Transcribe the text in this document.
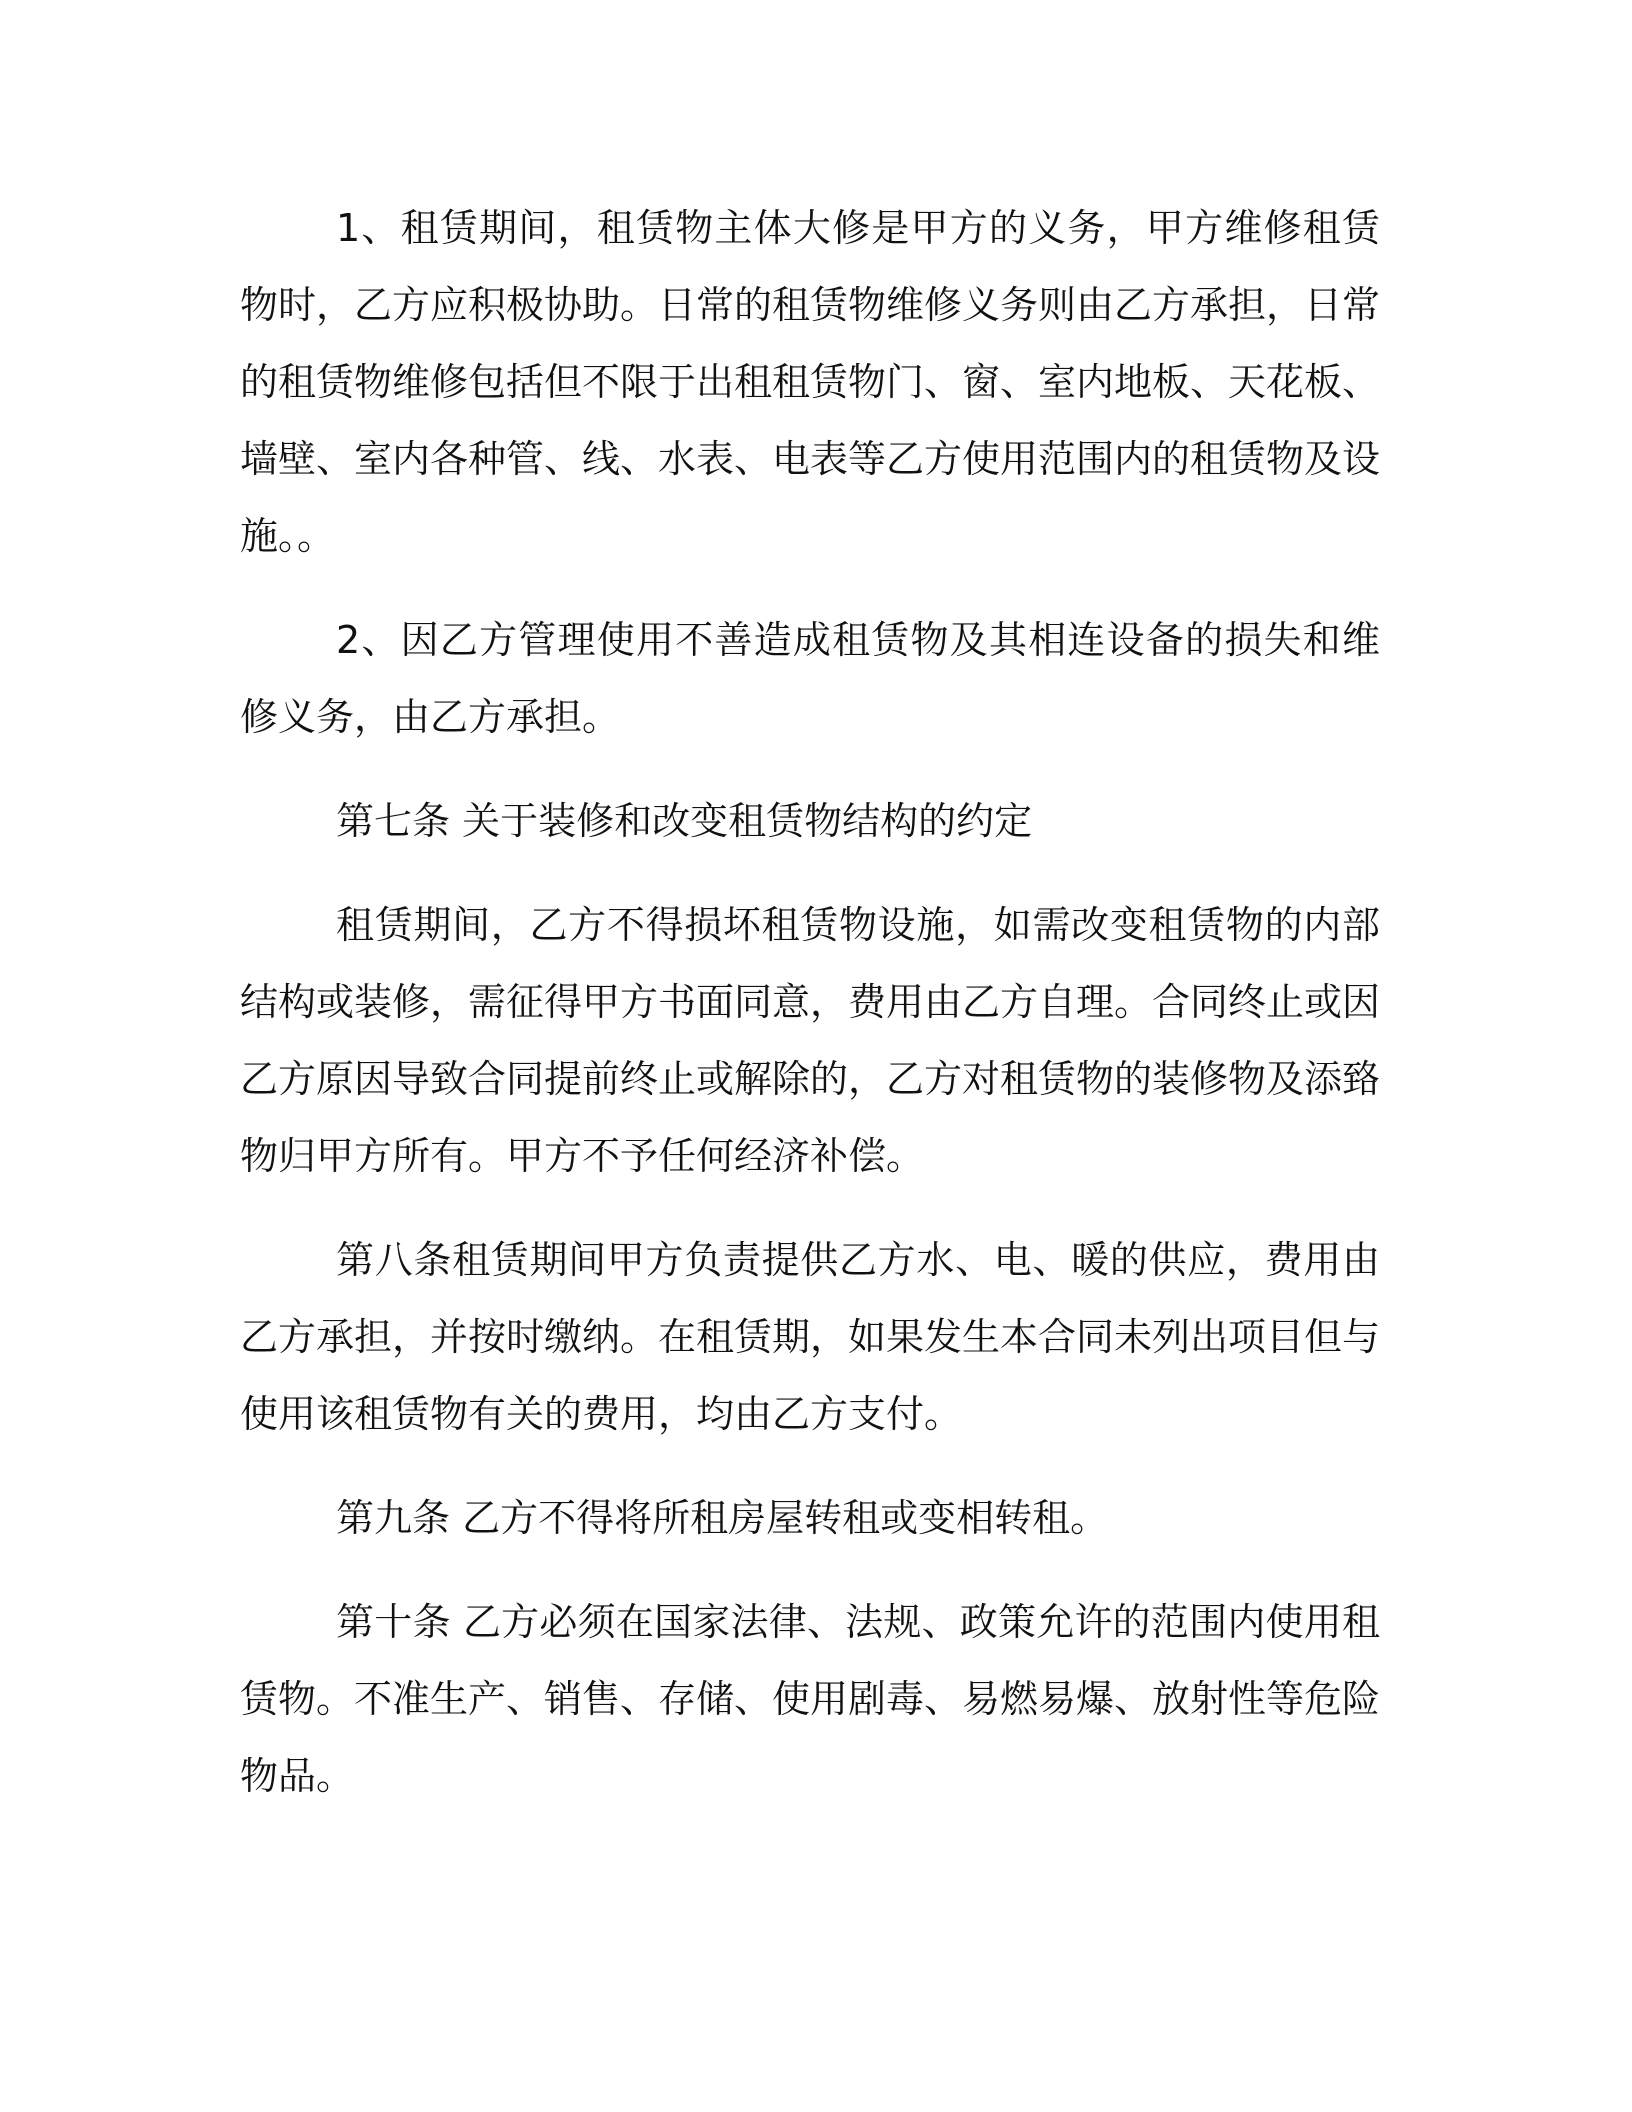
1、租赁期间，租赁物主体大修是甲方的义务，甲方维修租赁物时，乙方应积极协助。日常的租赁物维修义务则由乙方承担，日常的租赁物维修包括但不限于出租租赁物门、窗、室内地板、天花板、墙壁、室内各种管、线、水表、电表等乙方使用范围内的租赁物及设施。。

2、因乙方管理使用不善造成租赁物及其相连设备的损失和维修义务，由乙方承担。

第七条 关于装修和改变租赁物结构的约定

租赁期间，乙方不得损坏租赁物设施，如需改变租赁物的内部结构或装修，需征得甲方书面同意，费用由乙方自理。合同终止或因乙方原因导致合同提前终止或解除的，乙方对租赁物的装修物及添臵物归甲方所有。甲方不予任何经济补偿。

第八条租赁期间甲方负责提供乙方水、电、暖的供应，费用由乙方承担，并按时缴纳。在租赁期，如果发生本合同未列出项目但与使用该租赁物有关的费用，均由乙方支付。

第九条 乙方不得将所租房屋转租或变相转租。

第十条 乙方必须在国家法律、法规、政策允许的范围内使用租赁物。不准生产、销售、存储、使用剧毒、易燃易爆、放射性等危险物品。
